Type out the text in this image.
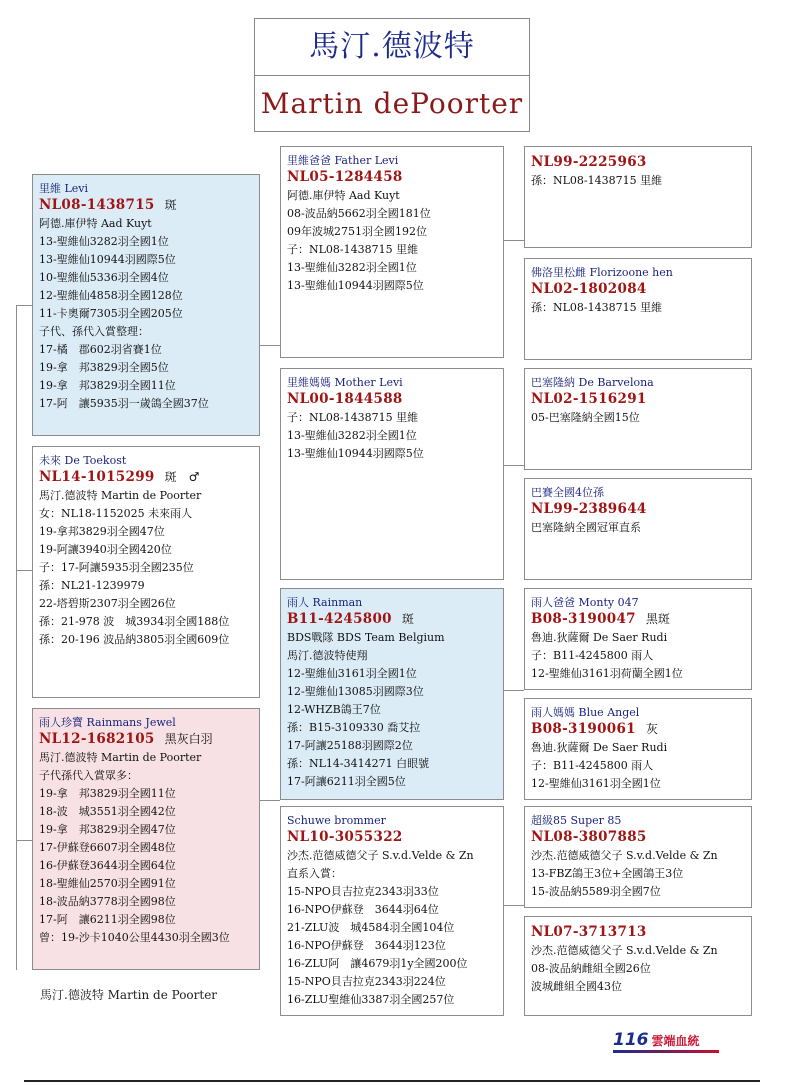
馬汀.德波特
Martin dePoorter
里維 Levi
NL08-1438715 斑
阿德.庫伊特 Aad Kuyt
13-聖維仙3282羽全國1位
13-聖維仙10944羽國際5位
10-聖維仙5336羽全國4位
12-聖維仙4858羽全國128位
11-卡奧爾7305羽全國205位
子代、孫代入賞整理：
17-橘　郡602羽省賽1位
19-拿　邦3829羽全國5位
19-拿　邦3829羽全國11位
17-阿　讓5935羽一歲鴿全國37位
未來 De Toekost
NL14-1015299 斑　♂
馬汀.德波特 Martin de Poorter
女：NL18-1152025 未來雨人
19-拿邦3829羽全國47位
19-阿讓3940羽全國420位
子：17-阿讓5935羽全國235位
孫：NL21-1239979
22-塔碧斯2307羽全國26位
孫：21-978 波　城3934羽全國188位
孫：20-196 波品納3805羽全國609位
雨人珍寶 Rainmans Jewel
NL12-1682105 黑灰白羽
馬汀.德波特 Martin de Poorter
子代孫代入賞眾多：
19-拿　邦3829羽全國11位
18-波　城3551羽全國42位
19-拿　邦3829羽全國47位
17-伊蘇登6607羽全國48位
16-伊蘇登3644羽全國64位
18-聖維仙2570羽全國91位
18-波品納3778羽全國98位
17-阿　讓6211羽全國98位
曾：19-沙卡1040公里4430羽全國3位
里維爸爸 Father Levi
NL05-1284458
阿德.庫伊特 Aad Kuyt
08-波品納5662羽全國181位
09年波城2751羽全國192位
子：NL08-1438715 里維
13-聖維仙3282羽全國1位
13-聖維仙10944羽國際5位
里維媽媽 Mother Levi
NL00-1844588
子：NL08-1438715 里維
13-聖維仙3282羽全國1位
13-聖維仙10944羽國際5位
雨人 Rainman
B11-4245800 斑
BDS戰隊 BDS Team Belgium
馬汀.德波特使翔
12-聖維仙3161羽全國1位
12-聖維仙13085羽國際3位
12-WHZB鴿王7位
孫：B15-3109330 喬艾拉
17-阿讓25188羽國際2位
孫：NL14-3414271 白眼號
17-阿讓6211羽全國5位
Schuwe brommer
NL10-3055322
沙杰.范德威德父子 S.v.d.Velde & Zn
直系入賞：
15-NPO貝吉拉克2343羽33位
16-NPO伊蘇登　3644羽64位
21-ZLU波　城4584羽全國104位
16-NPO伊蘇登　3644羽123位
16-ZLU阿　讓4679羽1y全國200位
15-NPO貝吉拉克2343羽224位
16-ZLU聖維仙3387羽全國257位
NL99-2225963
孫：NL08-1438715 里維
佛洛里松雌 Florizoone hen
NL02-1802084
孫：NL08-1438715 里維
巴塞隆納 De Barvelona
NL02-1516291
05-巴塞隆納全國15位
巴賽全國4位孫
NL99-2389644
巴塞隆納全國冠軍直系
雨人爸爸 Monty 047
B08-3190047 黑斑
魯迪.狄薩爾 De Saer Rudi
子：B11-4245800 雨人
12-聖維仙3161羽荷蘭全國1位
雨人媽媽 Blue Angel
B08-3190061 灰
魯迪.狄薩爾 De Saer Rudi
子：B11-4245800 雨人
12-聖維仙3161羽全國1位
超級85 Super 85
NL08-3807885
沙杰.范德威德父子 S.v.d.Velde & Zn
13-FBZ鴿王3位+全國鴿王3位
15-波品納5589羽全國7位
NL07-3713713
沙杰.范德威德父子 S.v.d.Velde & Zn
08-波品納雌組全國26位
波城雌組全國43位
馬汀.德波特 Martin de Poorter
116 雲端血統
